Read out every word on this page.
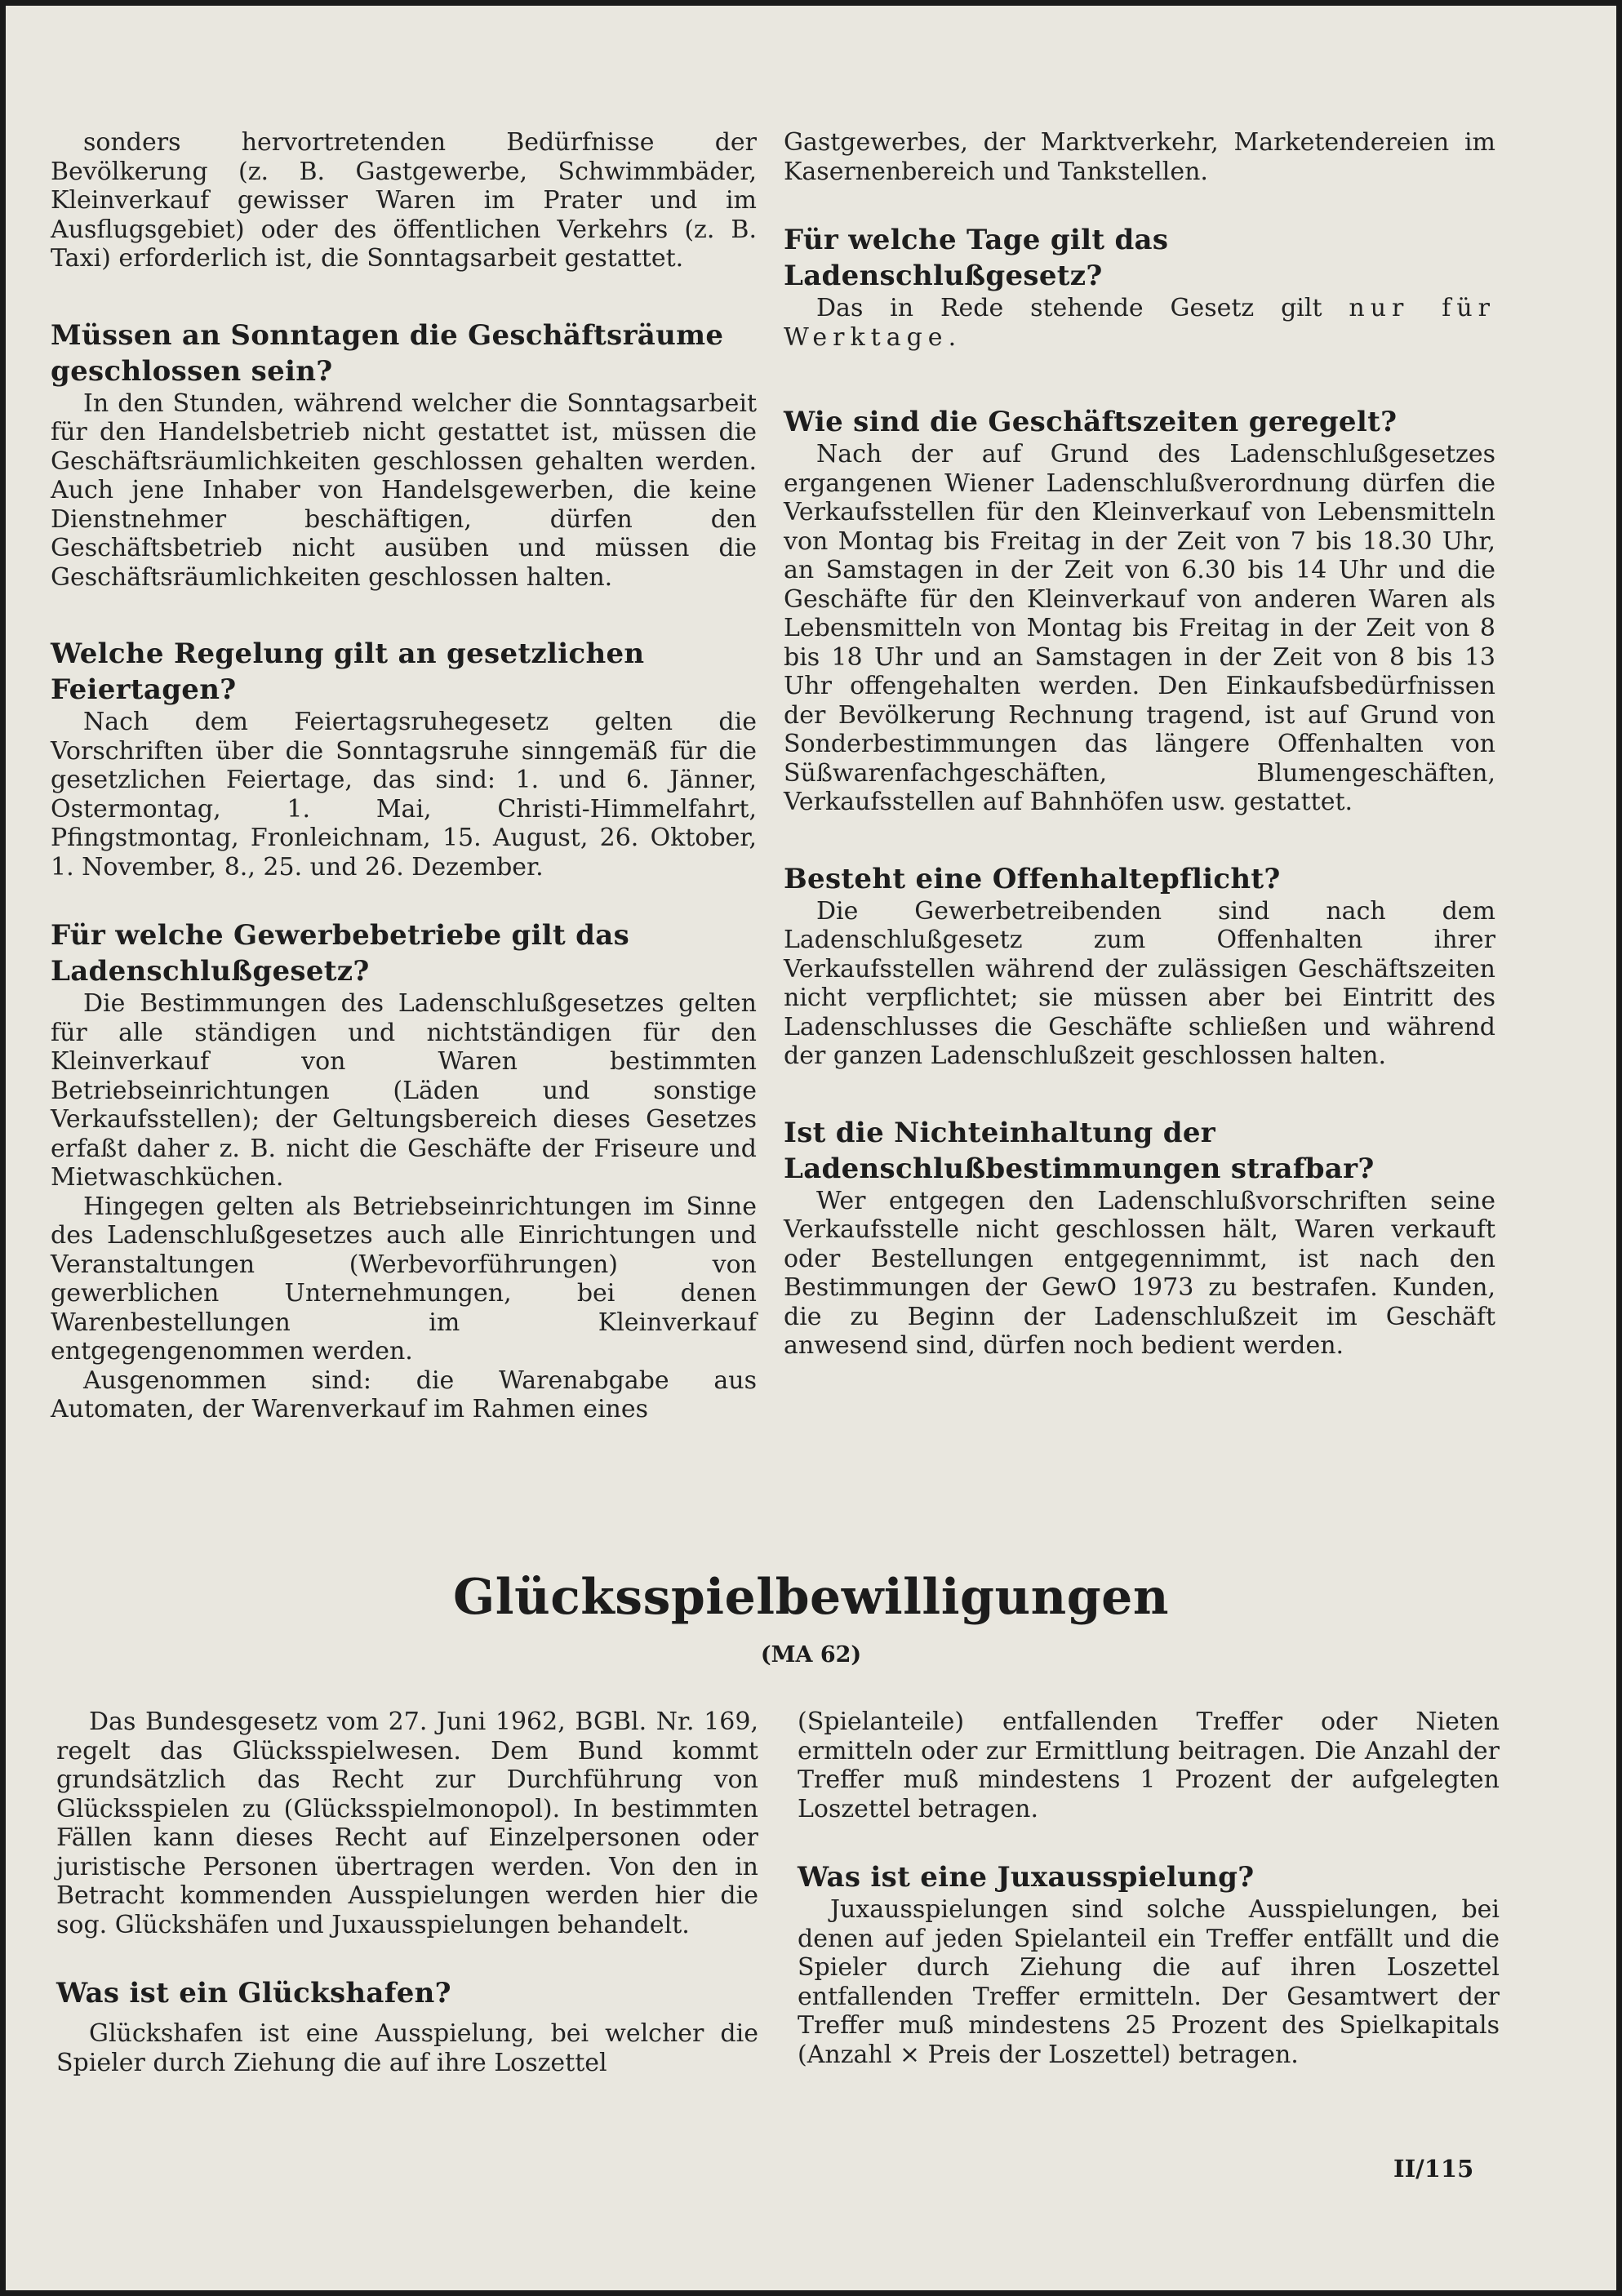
sonders hervortretenden Bedürfnisse der Bevölkerung (z. B. Gastgewerbe, Schwimmbäder, Kleinverkauf gewisser Waren im Prater und im Ausflugsgebiet) oder des öffentlichen Verkehrs (z. B. Taxi) erforderlich ist, die Sonntagsarbeit gestattet.

Müssen an Sonntagen die Geschäftsräume geschlossen sein?

In den Stunden, während welcher die Sonntagsarbeit für den Handelsbetrieb nicht gestattet ist, müssen die Geschäftsräumlichkeiten geschlossen gehalten werden. Auch jene Inhaber von Handelsgewerben, die keine Dienstnehmer beschäftigen, dürfen den Geschäftsbetrieb nicht ausüben und müssen die Geschäftsräumlichkeiten geschlossen halten.

Welche Regelung gilt an gesetzlichen Feiertagen?

Nach dem Feiertagsruhegesetz gelten die Vorschriften über die Sonntagsruhe sinngemäß für die gesetzlichen Feiertage, das sind: 1. und 6. Jänner, Ostermontag, 1. Mai, Christi-Himmelfahrt, Pfingstmontag, Fronleichnam, 15. August, 26. Oktober, 1. November, 8., 25. und 26. Dezember.

Für welche Gewerbebetriebe gilt das Ladenschlußgesetz?

Die Bestimmungen des Ladenschlußgesetzes gelten für alle ständigen und nichtständigen für den Kleinverkauf von Waren bestimmten Betriebseinrichtungen (Läden und sonstige Verkaufsstellen); der Geltungsbereich dieses Gesetzes erfaßt daher z. B. nicht die Geschäfte der Friseure und Mietwaschküchen.

Hingegen gelten als Betriebseinrichtungen im Sinne des Ladenschlußgesetzes auch alle Einrichtungen und Veranstaltungen (Werbevorführungen) von gewerblichen Unternehmungen, bei denen Warenbestellungen im Kleinverkauf entgegengenommen werden.

Ausgenommen sind: die Warenabgabe aus Automaten, der Warenverkauf im Rahmen eines

Gastgewerbes, der Marktverkehr, Marketendereien im Kasernenbereich und Tankstellen.

Für welche Tage gilt das Ladenschlußgesetz?

Das in Rede stehende Gesetz gilt nur für Werktage.

Wie sind die Geschäftszeiten geregelt?

Nach der auf Grund des Ladenschlußgesetzes ergangenen Wiener Ladenschlußverordnung dürfen die Verkaufsstellen für den Kleinverkauf von Lebensmitteln von Montag bis Freitag in der Zeit von 7 bis 18.30 Uhr, an Samstagen in der Zeit von 6.30 bis 14 Uhr und die Geschäfte für den Kleinverkauf von anderen Waren als Lebensmitteln von Montag bis Freitag in der Zeit von 8 bis 18 Uhr und an Samstagen in der Zeit von 8 bis 13 Uhr offengehalten werden. Den Einkaufsbedürfnissen der Bevölkerung Rechnung tragend, ist auf Grund von Sonderbestimmungen das längere Offenhalten von Süßwarenfachgeschäften, Blumengeschäften, Verkaufsstellen auf Bahnhöfen usw. gestattet.

Besteht eine Offenhaltepflicht?

Die Gewerbetreibenden sind nach dem Ladenschlußgesetz zum Offenhalten ihrer Verkaufsstellen während der zulässigen Geschäftszeiten nicht verpflichtet; sie müssen aber bei Eintritt des Ladenschlusses die Geschäfte schließen und während der ganzen Ladenschlußzeit geschlossen halten.

Ist die Nichteinhaltung der Ladenschlußbestimmungen strafbar?

Wer entgegen den Ladenschlußvorschriften seine Verkaufsstelle nicht geschlossen hält, Waren verkauft oder Bestellungen entgegennimmt, ist nach den Bestimmungen der GewO 1973 zu bestrafen. Kunden, die zu Beginn der Ladenschlußzeit im Geschäft anwesend sind, dürfen noch bedient werden.

Glücksspielbewilligungen
(MA 62)

Das Bundesgesetz vom 27. Juni 1962, BGBl. Nr. 169, regelt das Glücksspielwesen. Dem Bund kommt grundsätzlich das Recht zur Durchführung von Glücksspielen zu (Glücksspielmonopol). In bestimmten Fällen kann dieses Recht auf Einzelpersonen oder juristische Personen übertragen werden. Von den in Betracht kommenden Ausspielungen werden hier die sog. Glückshäfen und Juxausspielungen behandelt.

Was ist ein Glückshafen?

Glückshafen ist eine Ausspielung, bei welcher die Spieler durch Ziehung die auf ihre Loszettel

(Spielanteile) entfallenden Treffer oder Nieten ermitteln oder zur Ermittlung beitragen. Die Anzahl der Treffer muß mindestens 1 Prozent der aufgelegten Loszettel betragen.

Was ist eine Juxausspielung?

Juxausspielungen sind solche Ausspielungen, bei denen auf jeden Spielanteil ein Treffer entfällt und die Spieler durch Ziehung die auf ihren Loszettel entfallenden Treffer ermitteln. Der Gesamtwert der Treffer muß mindestens 25 Prozent des Spielkapitals (Anzahl × Preis der Loszettel) betragen.

II/115
